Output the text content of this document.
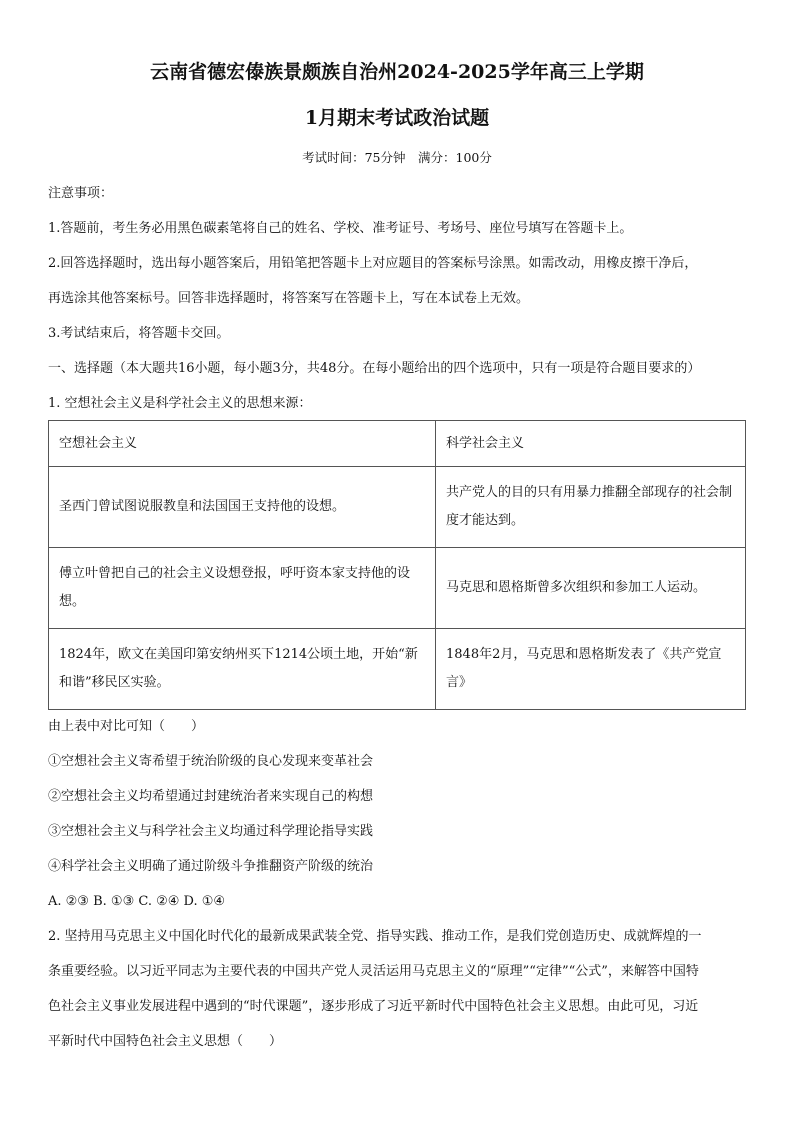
云南省德宏傣族景颇族自治州2024-2025学年高三上学期
1月期末考试政治试题
考试时间：75分钟　满分：100分
注意事项：
1.答题前，考生务必用黑色碳素笔将自己的姓名、学校、准考证号、考场号、座位号填写在答题卡上。
2.回答选择题时，选出每小题答案后，用铅笔把答题卡上对应题目的答案标号涂黑。如需改动，用橡皮擦干净后，
再选涂其他答案标号。回答非选择题时，将答案写在答题卡上，写在本试卷上无效。
3.考试结束后，将答题卡交回。
一、选择题（本大题共16小题，每小题3分，共48分。在每小题给出的四个选项中，只有一项是符合题目要求的）
1. 空想社会主义是科学社会主义的思想来源：
空想社会主义	科学社会主义
圣西门曾试图说服教皇和法国国王支持他的设想。	共产党人的目的只有用暴力推翻全部现存的社会制度才能达到。
傅立叶曾把自己的社会主义设想登报，呼吁资本家支持他的设想。	马克思和恩格斯曾多次组织和参加工人运动。
1824年，欧文在美国印第安纳州买下1214公顷土地，开始“新和谐”移民区实验。	1848年2月，马克思和恩格斯发表了《共产党宣言》
由上表中对比可知（　　）
①空想社会主义寄希望于统治阶级的良心发现来变革社会
②空想社会主义均希望通过封建统治者来实现自己的构想
③空想社会主义与科学社会主义均通过科学理论指导实践
④科学社会主义明确了通过阶级斗争推翻资产阶级的统治
A. ②③ B. ①③ C. ②④ D. ①④
2. 坚持用马克思主义中国化时代化的最新成果武装全党、指导实践、推动工作，是我们党创造历史、成就辉煌的一
条重要经验。以习近平同志为主要代表的中国共产党人灵活运用马克思主义的“原理”“定律”“公式”，来解答中国特
色社会主义事业发展进程中遇到的“时代课题”，逐步形成了习近平新时代中国特色社会主义思想。由此可见，习近
平新时代中国特色社会主义思想（　　）
